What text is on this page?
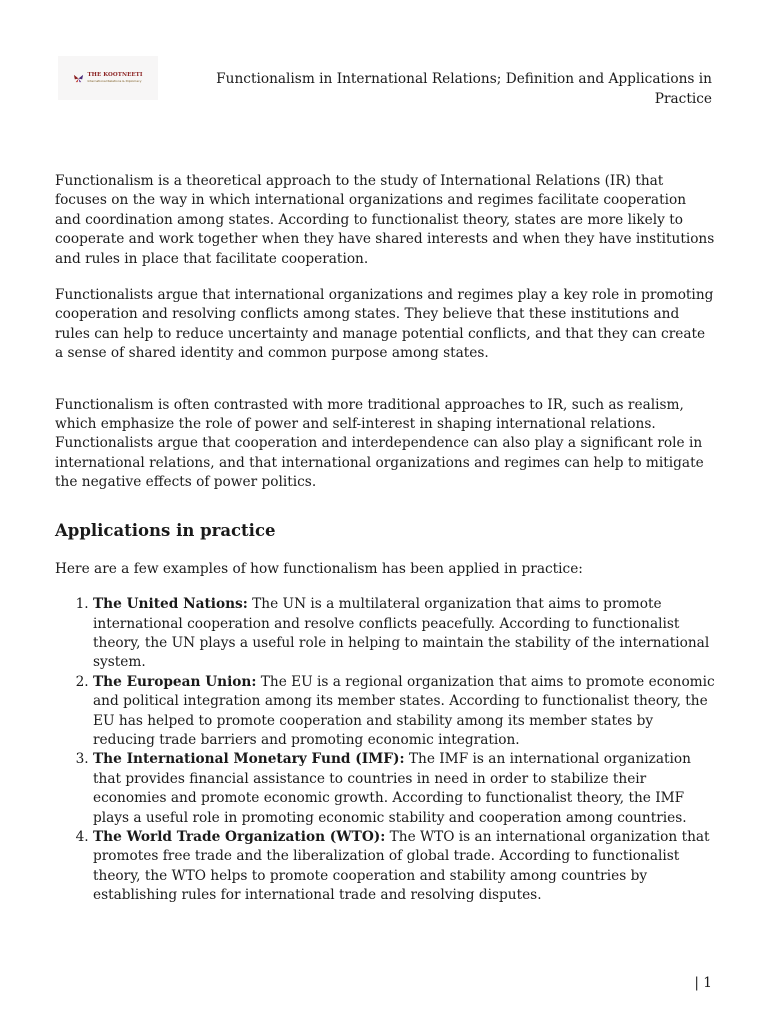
THE KOOTNEETI
International Relations & Diplomacy	Functionalism in International Relations; Definition and Applications in Practice

Functionalism is a theoretical approach to the study of International Relations (IR) that focuses on the way in which international organizations and regimes facilitate cooperation and coordination among states. According to functionalist theory, states are more likely to cooperate and work together when they have shared interests and when they have institutions and rules in place that facilitate cooperation.

Functionalists argue that international organizations and regimes play a key role in promoting cooperation and resolving conflicts among states. They believe that these institutions and rules can help to reduce uncertainty and manage potential conflicts, and that they can create a sense of shared identity and common purpose among states.

Functionalism is often contrasted with more traditional approaches to IR, such as realism, which emphasize the role of power and self-interest in shaping international relations. Functionalists argue that cooperation and interdependence can also play a significant role in international relations, and that international organizations and regimes can help to mitigate the negative effects of power politics.

Applications in practice

Here are a few examples of how functionalism has been applied in practice:

1. The United Nations: The UN is a multilateral organization that aims to promote international cooperation and resolve conflicts peacefully. According to functionalist theory, the UN plays a useful role in helping to maintain the stability of the international system.
2. The European Union: The EU is a regional organization that aims to promote economic and political integration among its member states. According to functionalist theory, the EU has helped to promote cooperation and stability among its member states by reducing trade barriers and promoting economic integration.
3. The International Monetary Fund (IMF): The IMF is an international organization that provides financial assistance to countries in need in order to stabilize their economies and promote economic growth. According to functionalist theory, the IMF plays a useful role in promoting economic stability and cooperation among countries.
4. The World Trade Organization (WTO): The WTO is an international organization that promotes free trade and the liberalization of global trade. According to functionalist theory, the WTO helps to promote cooperation and stability among countries by establishing rules for international trade and resolving disputes.
| 1
